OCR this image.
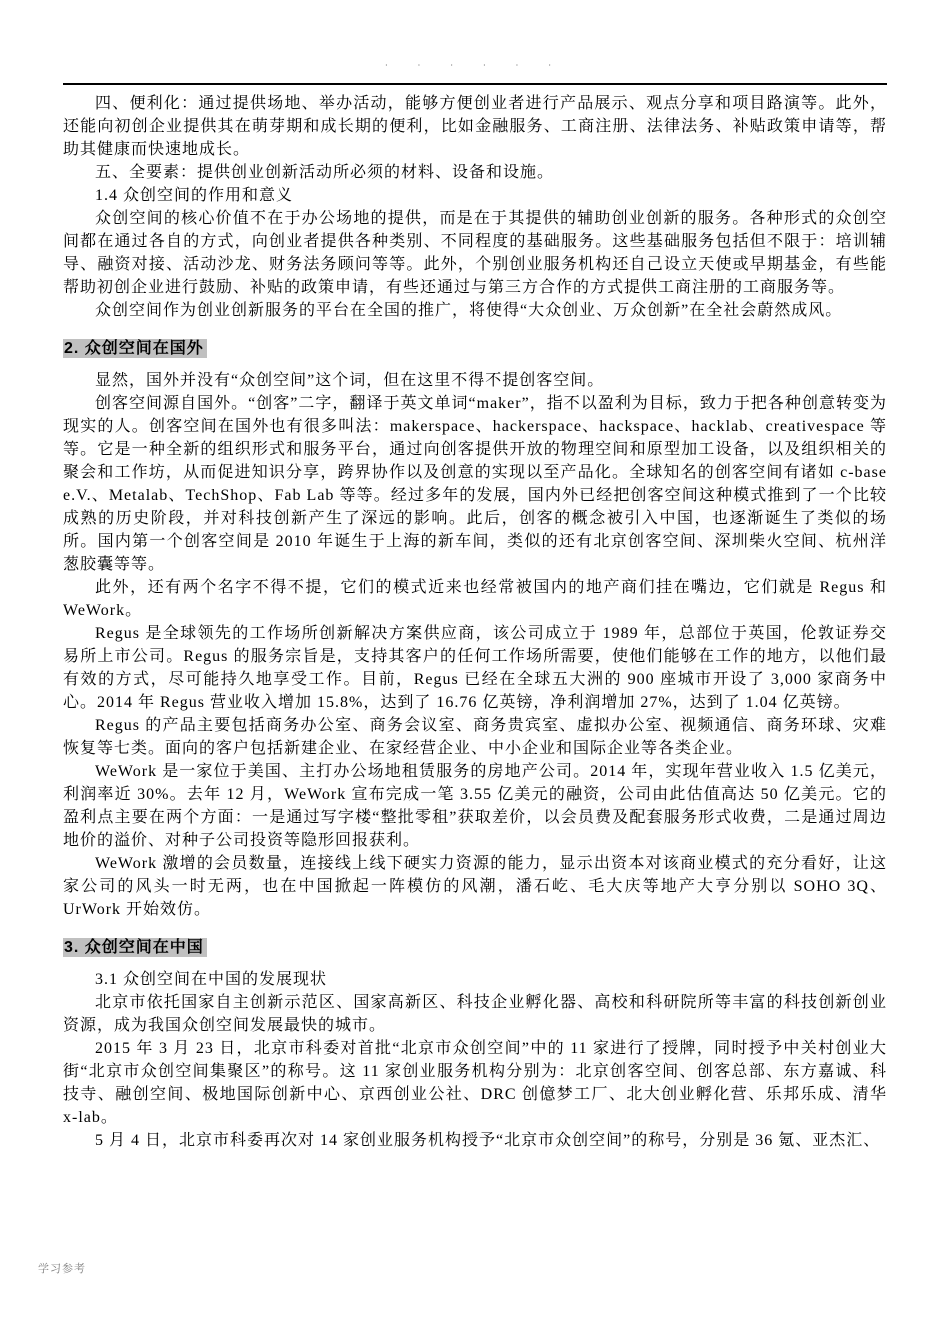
· · · · · ·

四、便利化：通过提供场地、举办活动，能够方便创业者进行产品展示、观点分享和项目路演等。此外，还能向初创企业提供其在萌芽期和成长期的便利，比如金融服务、工商注册、法律法务、补贴政策申请等，帮助其健康而快速地成长。

五、全要素：提供创业创新活动所必须的材料、设备和设施。

1.4 众创空间的作用和意义

众创空间的核心价值不在于办公场地的提供，而是在于其提供的辅助创业创新的服务。各种形式的众创空间都在通过各自的方式，向创业者提供各种类别、不同程度的基础服务。这些基础服务包括但不限于：培训辅导、融资对接、活动沙龙、财务法务顾问等等。此外，个别创业服务机构还自己设立天使或早期基金，有些能帮助初创企业进行鼓励、补贴的政策申请，有些还通过与第三方合作的方式提供工商注册的工商服务等。

众创空间作为创业创新服务的平台在全国的推广，将使得“大众创业、万众创新”在全社会蔚然成风。

2. 众创空间在国外

显然，国外并没有“众创空间”这个词，但在这里不得不提创客空间。

创客空间源自国外。“创客”二字，翻译于英文单词“maker”，指不以盈利为目标，致力于把各种创意转变为现实的人。创客空间在国外也有很多叫法：makerspace、hackerspace、hackspace、hacklab、creativespace 等等。它是一种全新的组织形式和服务平台，通过向创客提供开放的物理空间和原型加工设备，以及组织相关的聚会和工作坊，从而促进知识分享，跨界协作以及创意的实现以至产品化。全球知名的创客空间有诸如 c-base e.V.、Metalab、TechShop、Fab Lab 等等。经过多年的发展，国内外已经把创客空间这种模式推到了一个比较成熟的历史阶段，并对科技创新产生了深远的影响。此后，创客的概念被引入中国，也逐渐诞生了类似的场所。国内第一个创客空间是 2010 年诞生于上海的新车间，类似的还有北京创客空间、深圳柴火空间、杭州洋葱胶囊等等。

此外，还有两个名字不得不提，它们的模式近来也经常被国内的地产商们挂在嘴边，它们就是 Regus 和 WeWork。

Regus 是全球领先的工作场所创新解决方案供应商，该公司成立于 1989 年，总部位于英国，伦敦证券交易所上市公司。Regus 的服务宗旨是，支持其客户的任何工作场所需要，使他们能够在工作的地方，以他们最有效的方式，尽可能持久地享受工作。目前，Regus 已经在全球五大洲的 900 座城市开设了 3,000 家商务中心。2014 年 Regus 营业收入增加 15.8%，达到了 16.76 亿英镑，净利润增加 27%，达到了 1.04 亿英镑。

Regus 的产品主要包括商务办公室、商务会议室、商务贵宾室、虚拟办公室、视频通信、商务环球、灾难恢复等七类。面向的客户包括新建企业、在家经营企业、中小企业和国际企业等各类企业。

WeWork 是一家位于美国、主打办公场地租赁服务的房地产公司。2014 年，实现年营业收入 1.5 亿美元，利润率近 30%。去年 12 月，WeWork 宣布完成一笔 3.55 亿美元的融资，公司由此估值高达 50 亿美元。它的盈利点主要在两个方面：一是通过写字楼“整批零租”获取差价，以会员费及配套服务形式收费，二是通过周边地价的溢价、对种子公司投资等隐形回报获利。

WeWork 激增的会员数量，连接线上线下硬实力资源的能力，显示出资本对该商业模式的充分看好，让这家公司的风头一时无两，也在中国掀起一阵模仿的风潮，潘石屹、毛大庆等地产大亨分别以 SOHO 3Q、UrWork 开始效仿。

3. 众创空间在中国

3.1 众创空间在中国的发展现状

北京市依托国家自主创新示范区、国家高新区、科技企业孵化器、高校和科研院所等丰富的科技创新创业资源，成为我国众创空间发展最快的城市。

2015 年 3 月 23 日，北京市科委对首批“北京市众创空间”中的 11 家进行了授牌，同时授予中关村创业大街“北京市众创空间集聚区”的称号。这 11 家创业服务机构分别为：北京创客空间、创客总部、东方嘉诚、科技寺、融创空间、极地国际创新中心、京西创业公社、DRC 创億梦工厂、北大创业孵化营、乐邦乐成、清华 x-lab。

5 月 4 日，北京市科委再次对 14 家创业服务机构授予“北京市众创空间”的称号，分别是 36 氪、亚杰汇、

学习参考
